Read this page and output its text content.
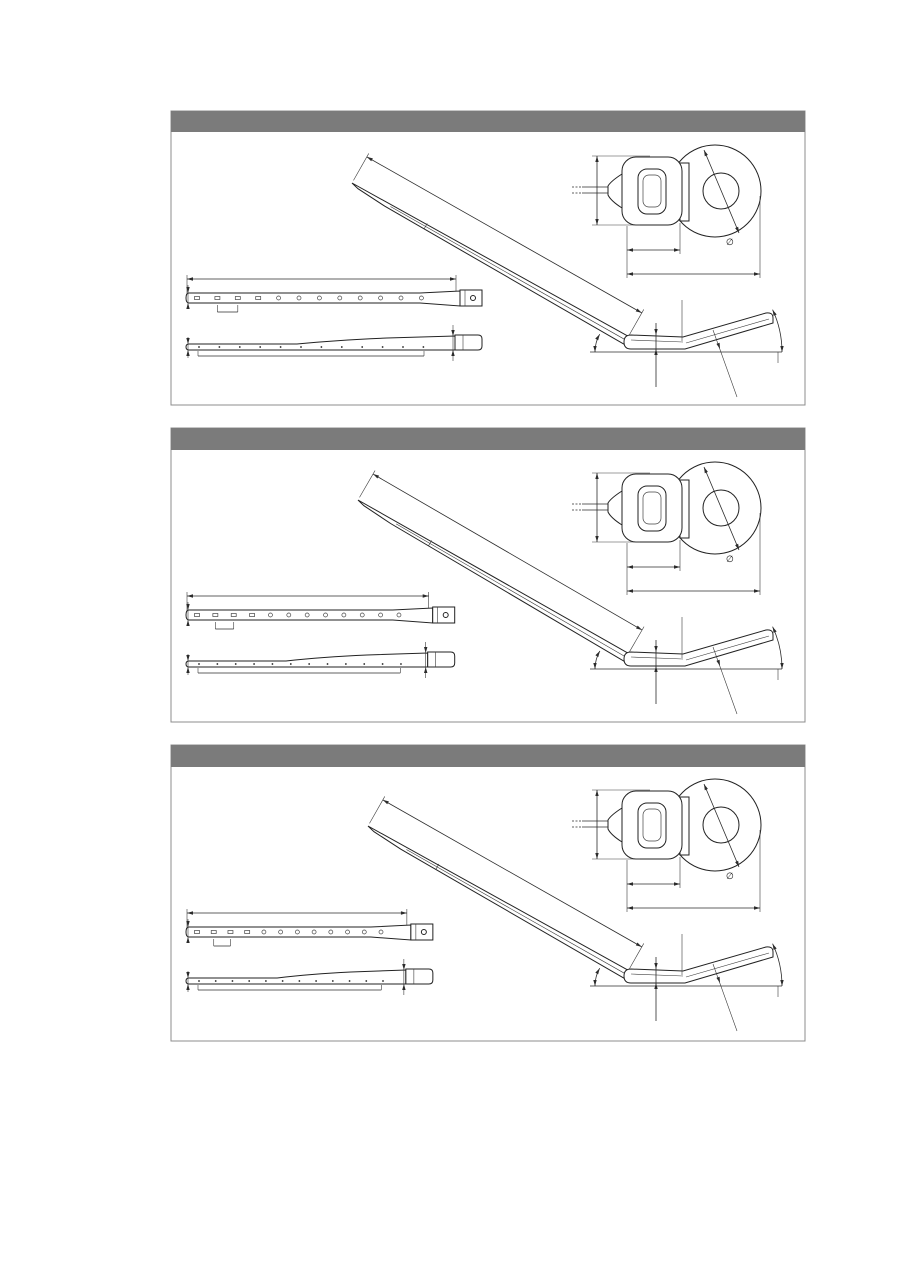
∅
∅
∅
